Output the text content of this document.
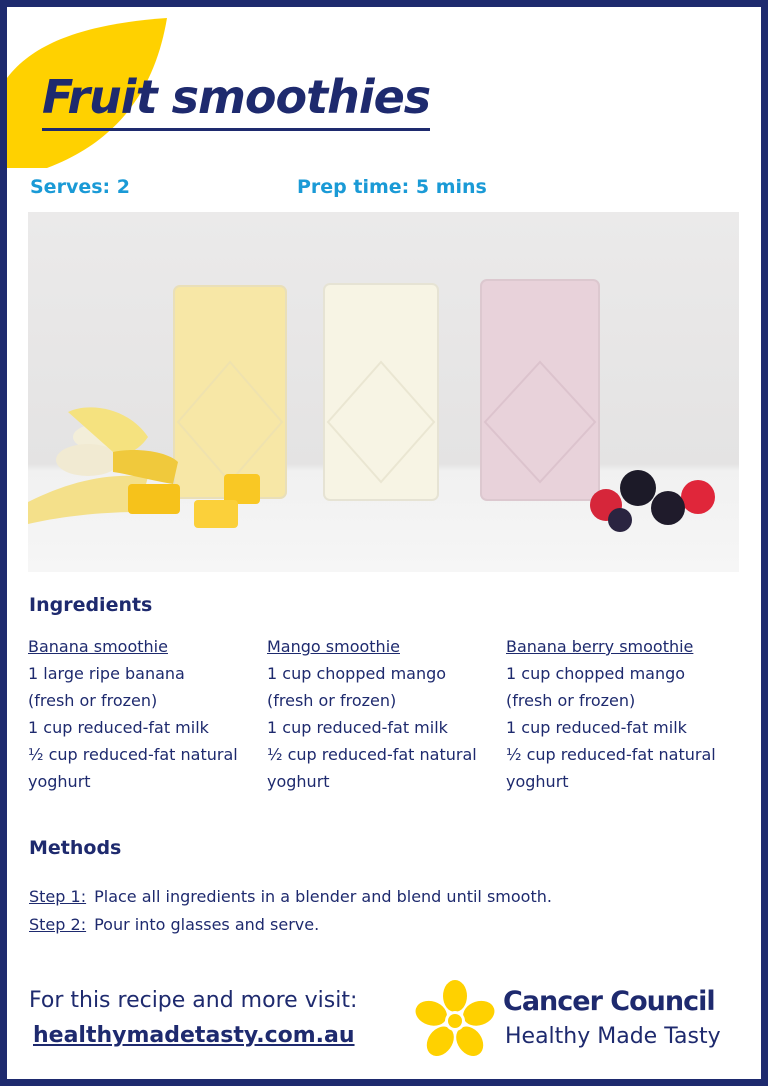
Fruit smoothies
Serves: 2	Prep time: 5 mins
Ingredients
Banana smoothie
1 large ripe banana
(fresh or frozen)
1 cup reduced-fat milk
½ cup reduced-fat natural
yoghurt
Mango smoothie
1 cup chopped mango
(fresh or frozen)
1 cup reduced-fat milk
½ cup reduced-fat natural
yoghurt
Banana berry smoothie
1 cup chopped mango
(fresh or frozen)
1 cup reduced-fat milk
½ cup reduced-fat natural
yoghurt
Methods
Step 1: Place all ingredients in a blender and blend until smooth.
Step 2: Pour into glasses and serve.
For this recipe and more visit:
healthymadetasty.com.au
Cancer Council
Healthy Made Tasty
